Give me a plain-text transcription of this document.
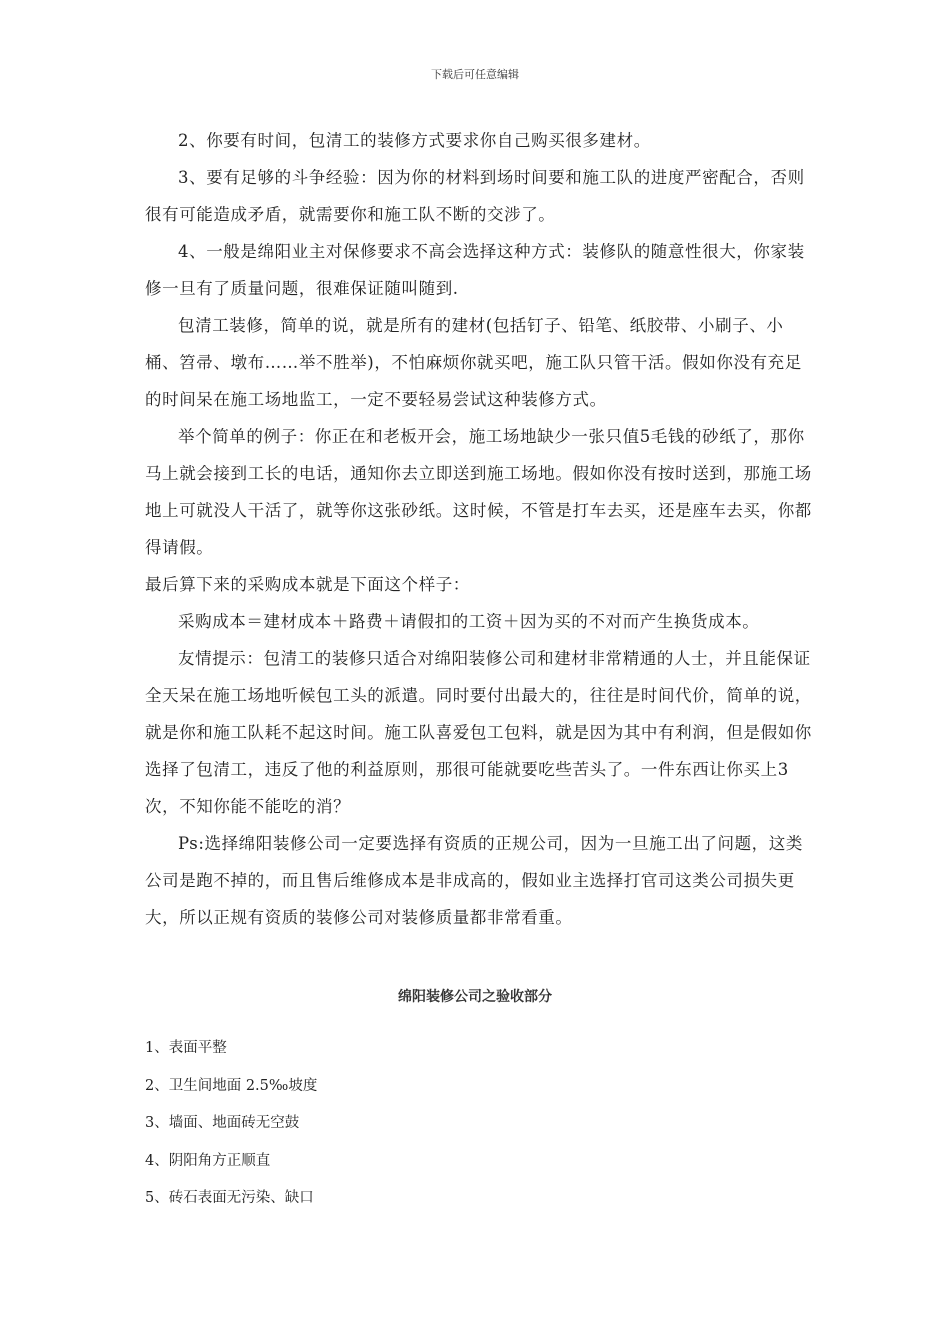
下载后可任意编辑

2、你要有时间，包清工的装修方式要求你自己购买很多建材。

3、要有足够的斗争经验：因为你的材料到场时间要和施工队的进度严密配合，否则很有可能造成矛盾，就需要你和施工队不断的交涉了。

4、一般是绵阳业主对保修要求不高会选择这种方式：装修队的随意性很大，你家装修一旦有了质量问题，很难保证随叫随到.

包清工装修，简单的说，就是所有的建材(包括钉子、铅笔、纸胶带、小刷子、小桶、笤帚、墩布……举不胜举)，不怕麻烦你就买吧，施工队只管干活。假如你没有充足的时间呆在施工场地监工，一定不要轻易尝试这种装修方式。

举个简单的例子：你正在和老板开会，施工场地缺少一张只值5毛钱的砂纸了，那你马上就会接到工长的电话，通知你去立即送到施工场地。假如你没有按时送到，那施工场地上可就没人干活了，就等你这张砂纸。这时候，不管是打车去买，还是座车去买，你都得请假。

最后算下来的采购成本就是下面这个样子：

采购成本＝建材成本＋路费＋请假扣的工资＋因为买的不对而产生换货成本。

友情提示：包清工的装修只适合对绵阳装修公司和建材非常精通的人士，并且能保证全天呆在施工场地听候包工头的派遣。同时要付出最大的，往往是时间代价，简单的说，就是你和施工队耗不起这时间。施工队喜爱包工包料，就是因为其中有利润，但是假如你选择了包清工，违反了他的利益原则，那很可能就要吃些苦头了。一件东西让你买上3次，不知你能不能吃的消？

Ps:选择绵阳装修公司一定要选择有资质的正规公司，因为一旦施工出了问题，这类公司是跑不掉的，而且售后维修成本是非成高的，假如业主选择打官司这类公司损失更大，所以正规有资质的装修公司对装修质量都非常看重。

绵阳装修公司之验收部分
1、表面平整
2、卫生间地面 2.5‰坡度
3、墙面、地面砖无空鼓
4、阴阳角方正顺直
5、砖石表面无污染、缺口
